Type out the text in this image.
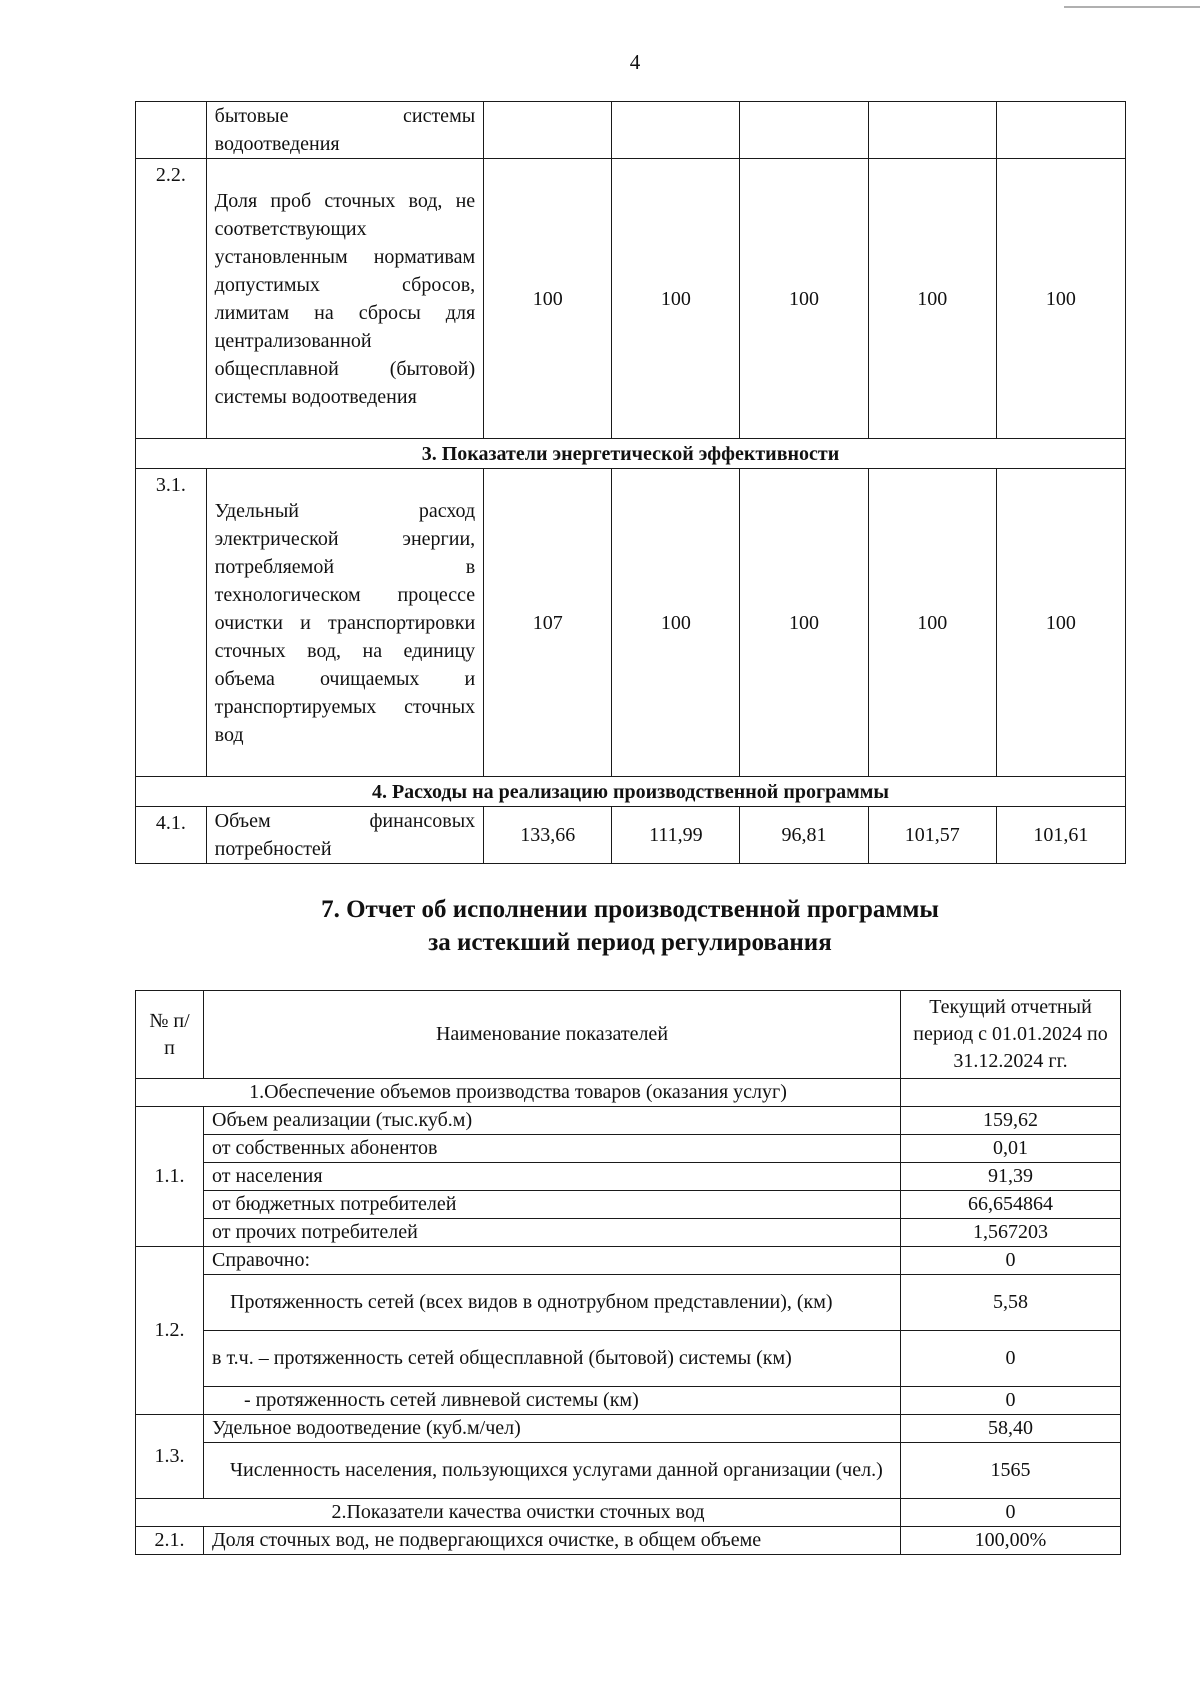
4
	бытовые системы водоотведения					
2.2.	Доля проб сточных вод, не соответствующих установленным нормативам допустимых сбросов, лимитам на сбросы для централизованной общесплавной (бытовой) системы водоотведения	100	100	100	100	100
3. Показатели энергетической эффективности						
3.1.	Удельный расход электрической энергии, потребляемой в технологическом процессе очистки и транспортировки сточных вод, на единицу объема очищаемых и транспортируемых сточных вод	107	100	100	100	100
4. Расходы на реализацию производственной программы						
4.1.	Объем финансовых потребностей	133,66	111,99	96,81	101,57	101,61
7. Отчет об исполнении производственной программы
за истекший период регулирования
№ п/п	Наименование показателей	Текущий отчетный период с 01.01.2024 по 31.12.2024 гг.
1.Обеспечение объемов производства товаров (оказания услуг)		
1.1.	Объем реализации (тыс.куб.м)	159,62
	от собственных абонентов	0,01
	от населения	91,39
	от бюджетных потребителей	66,654864
	от прочих потребителей	1,567203
1.2.	Справочно:	0
	Протяженность сетей (всех видов в однотрубном представлении), (км)	5,58
	в т.ч. – протяженность сетей общесплавной (бытовой) системы (км)	0
	- протяженность сетей ливневой системы (км)	0
1.3.	Удельное водоотведение (куб.м/чел)	58,40
	Численность населения, пользующихся услугами данной организации (чел.)	1565
2.Показатели качества очистки сточных вод		0
2.1.	Доля сточных вод, не подвергающихся очистке, в общем объеме	100,00%
